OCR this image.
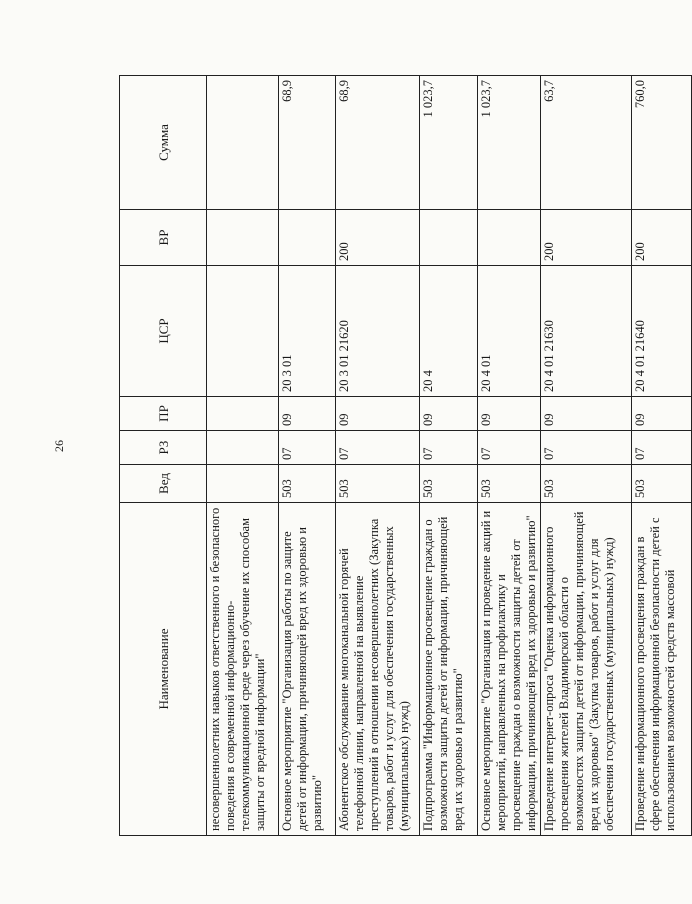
26
Наименование	Вед	РЗ	ПР	ЦСР	ВР	Сумма
несовершеннолетних навыков ответственного и безопасного поведения в современной информационно-телекоммуникационной среде через обучение их способам защиты от вредной информации"						
Основное мероприятие "Организация работы по защите детей от информации, причиняющей вред их здоровью и развитию"	503	07	09	20 3 01		68,9
Абонентское обслуживание многоканальной горячей телефонной линии, направленной на выявление преступлений в отношении несовершеннолетних (Закупка товаров, работ и услуг для обеспечения государственных (муниципальных) нужд)	503	07	09	20 3 01 21620	200	68,9
Подпрограмма "Информационное просвещение граждан о возможности защиты детей от информации, причиняющей вред их здоровью и развитию"	503	07	09	20 4		1 023,7
Основное мероприятие "Организация и проведение акций и мероприятий, направленных на профилактику и просвещение граждан о возможности защиты детей от информации, причиняющей вред их здоровью и развитию"	503	07	09	20 4 01		1 023,7
Проведение интернет-опроса "Оценка информационного просвещения жителей Владимирской области о возможностях защиты детей от информации, причиняющей вред их здоровью" (Закупка товаров, работ и услуг для обеспечения государственных (муниципальных) нужд)	503	07	09	20 4 01 21630	200	63,7
Проведение информационного просвещения граждан в сфере обеспечения информационной безопасности детей с использованием возможностей средств массовой	503	07	09	20 4 01 21640	200	760,0
